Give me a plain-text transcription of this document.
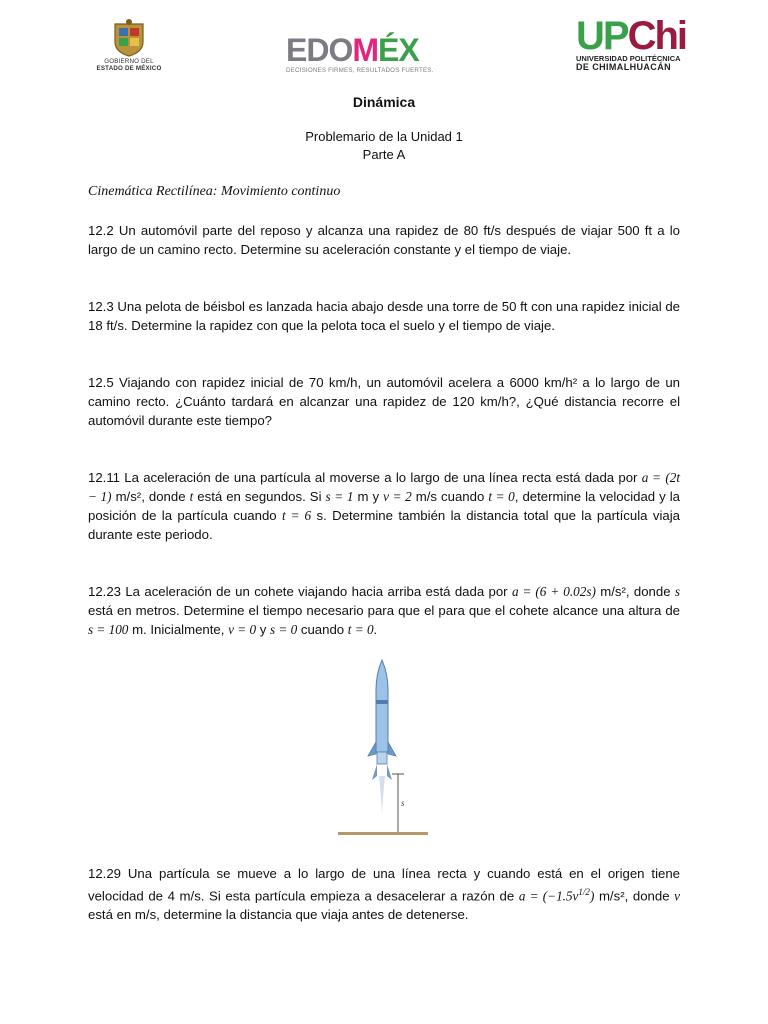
GOBIERNO DEL
ESTADO DE MÉXICO
EDOMÉX
DECISIONES FIRMES, RESULTADOS FUERTES.
UPChi
UNIVERSIDAD POLITÉCNICA
DE CHIMALHUACÁN
Dinámica
Problemario de la Unidad 1
Parte A
Cinemática Rectilínea: Movimiento continuo
12.2 Un automóvil parte del reposo y alcanza una rapidez de 80 ft/s después de viajar 500 ft a lo largo de un camino recto. Determine su aceleración constante y el tiempo de viaje.
12.3 Una pelota de béisbol es lanzada hacia abajo desde una torre de 50 ft con una rapidez inicial de 18 ft/s. Determine la rapidez con que la pelota toca el suelo y el tiempo de viaje.
12.5 Viajando con rapidez inicial de 70 km/h, un automóvil acelera a 6000 km/h² a lo largo de un camino recto. ¿Cuánto tardará en alcanzar una rapidez de 120 km/h?, ¿Qué distancia recorre el automóvil durante este tiempo?
12.11 La aceleración de una partícula al moverse a lo largo de una línea recta está dada por a = (2t − 1) m/s², donde t está en segundos. Si s = 1 m y v = 2 m/s cuando t = 0, determine la velocidad y la posición de la partícula cuando t = 6 s. Determine también la distancia total que la partícula viaja durante este periodo.
12.23 La aceleración de un cohete viajando hacia arriba está dada por a = (6 + 0.02s) m/s², donde s está en metros. Determine el tiempo necesario para que el para que el cohete alcance una altura de s = 100 m. Inicialmente, v = 0 y s = 0 cuando t = 0.
s
12.29 Una partícula se mueve a lo largo de una línea recta y cuando está en el origen tiene velocidad de 4 m/s. Si esta partícula empieza a desacelerar a razón de $a = (-1.5v^{1/2})$ m/s², donde v está en m/s, determine la distancia que viaja antes de detenerse.
